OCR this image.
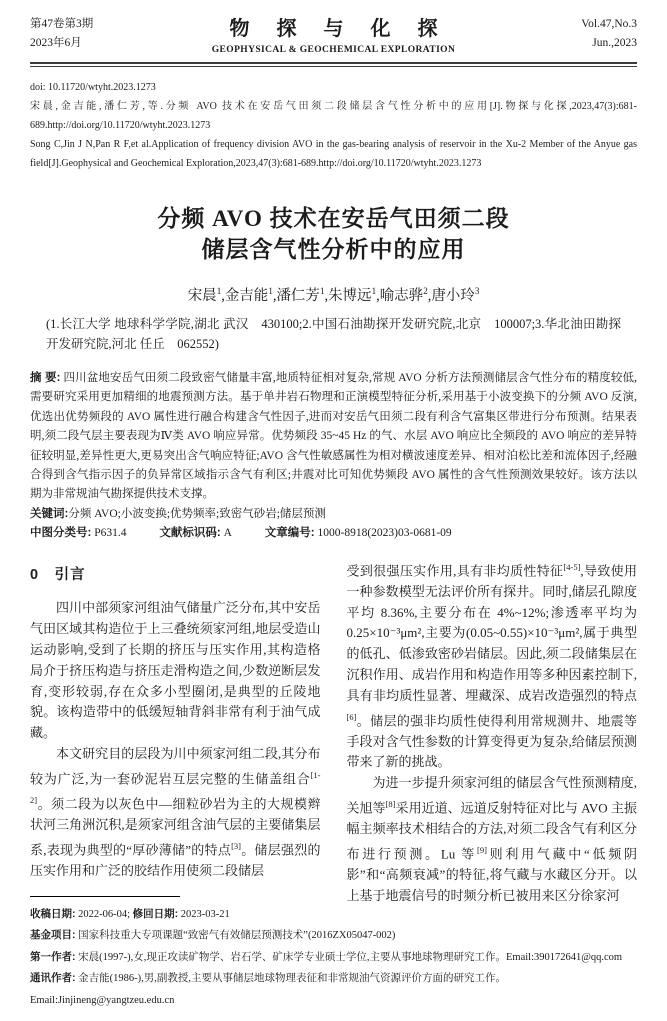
第47卷第3期
2023年6月
物 探 与 化 探
GEOPHYSICAL & GEOCHEMICAL EXPLORATION
Vol.47,No.3
Jun.,2023

doi: 10.11720/wtyht.2023.1273

宋晨,金吉能,潘仁芳,等.分频 AVO 技术在安岳气田须二段储层含气性分析中的应用[J].物探与化探,2023,47(3):681-689.http://doi.org/10.11720/wtyht.2023.1273

Song C,Jin J N,Pan R F,et al.Application of frequency division AVO in the gas-bearing analysis of reservoir in the Xu-2 Member of the Anyue gas field[J].Geophysical and Geochemical Exploration,2023,47(3):681-689.http://doi.org/10.11720/wtyht.2023.1273

分频 AVO 技术在安岳气田须二段
储层含气性分析中的应用
宋晨$^1$,金吉能$^1$,潘仁芳$^1$,朱博远$^1$,喻志骅$^2$,唐小玲$^3$
(1.长江大学 地球科学学院,湖北 武汉　430100;2.中国石油勘探开发研究院,北京　100007;3.华北油田勘探开发研究院,河北 任丘　062552)

摘 要: 四川盆地安岳气田须二段致密气储量丰富,地质特征相对复杂,常规 AVO 分析方法预测储层含气性分布的精度较低,需要研究采用更加精细的地震预测方法。基于单井岩石物理和正演模型特征分析,采用基于小波变换下的分频 AVO 反演,优选出优势频段的 AVO 属性进行融合构建含气性因子,进而对安岳气田须二段有利含气富集区带进行分布预测。结果表明,须二段气层主要表现为Ⅳ类 AVO 响应异常。优势频段 35~45 Hz 的气、水层 AVO 响应比全频段的 AVO 响应的差异特征较明显,差异性更大,更易突出含气响应特征;AVO 含气性敏感属性为相对横波速度差异、相对泊松比差和流体因子,经融合得到含气指示因子的负异常区域指示含气有利区;井震对比可知优势频段 AVO 属性的含气性预测效果较好。该方法以期为非常规油气勘探提供技术支撑。

关键词:分频 AVO;小波变换;优势频率;致密气砂岩;储层预测

中图分类号: P631.4	文献标识码: A	文章编号: 1000-8918(2023)03-0681-09

0　引言

四川中部须家河组油气储量广泛分布,其中安岳气田区域其构造位于上三叠统须家河组,地层受造山运动影响,受到了长期的挤压与压实作用,其构造格局介于挤压构造与挤压走滑构造之间,少数逆断层发育,变形较弱,存在众多小型圈闭,是典型的丘陵地貌。该构造带中的低缓短轴背斜非常有利于油气成藏。

本文研究目的层段为川中须家河组二段,其分布较为广泛,为一套砂泥岩互层完整的生储盖组合[1-2]。须二段为以灰色中—细粒砂岩为主的大规模辫状河三角洲沉积,是须家河组含油气层的主要储集层系,表现为典型的“厚砂薄储”的特点[3]。储层强烈的压实作用和广泛的胶结作用使须二段储层

受到很强压实作用,具有非均质性特征[4-5],导致使用一种参数模型无法评价所有探井。同时,储层孔隙度平均 8.36%,主要分布在 4%~12%;渗透率平均为 0.25×10⁻³μm²,主要为(0.05~0.55)×10⁻³μm²,属于典型的低孔、低渗致密砂岩储层。因此,须二段储集层在沉积作用、成岩作用和构造作用等多种因素控制下,具有非均质性显著、埋藏深、成岩改造强烈的特点[6]。储层的强非均质性使得利用常规测井、地震等手段对含气性参数的计算变得更为复杂,给储层预测带来了新的挑战。

为进一步提升须家河组的储层含气性预测精度,关旭等[8]采用近道、远道反射特征对比与 AVO 主振幅主频率技术相结合的方法,对须二段含气有利区分布进行预测。Lu 等[9]则利用气藏中“低频阴影”和“高频衰减”的特征,将气藏与水藏区分开。以上基于地震信号的时频分析已被用来区分徐家河

收稿日期: 2022-06-04; 修回日期: 2023-03-21
基金项目: 国家科技重大专项课题“致密气有效储层预测技术”(2016ZX05047-002)
第一作者: 宋晨(1997-),女,现正攻读矿物学、岩石学、矿床学专业硕士学位,主要从事地球物理研究工作。Email:390172641@qq.com
通讯作者: 金吉能(1986-),男,副教授,主要从事储层地球物理表征和非常规油气资源评价方面的研究工作。Email:Jinjineng@yangtzeu.edu.cn
